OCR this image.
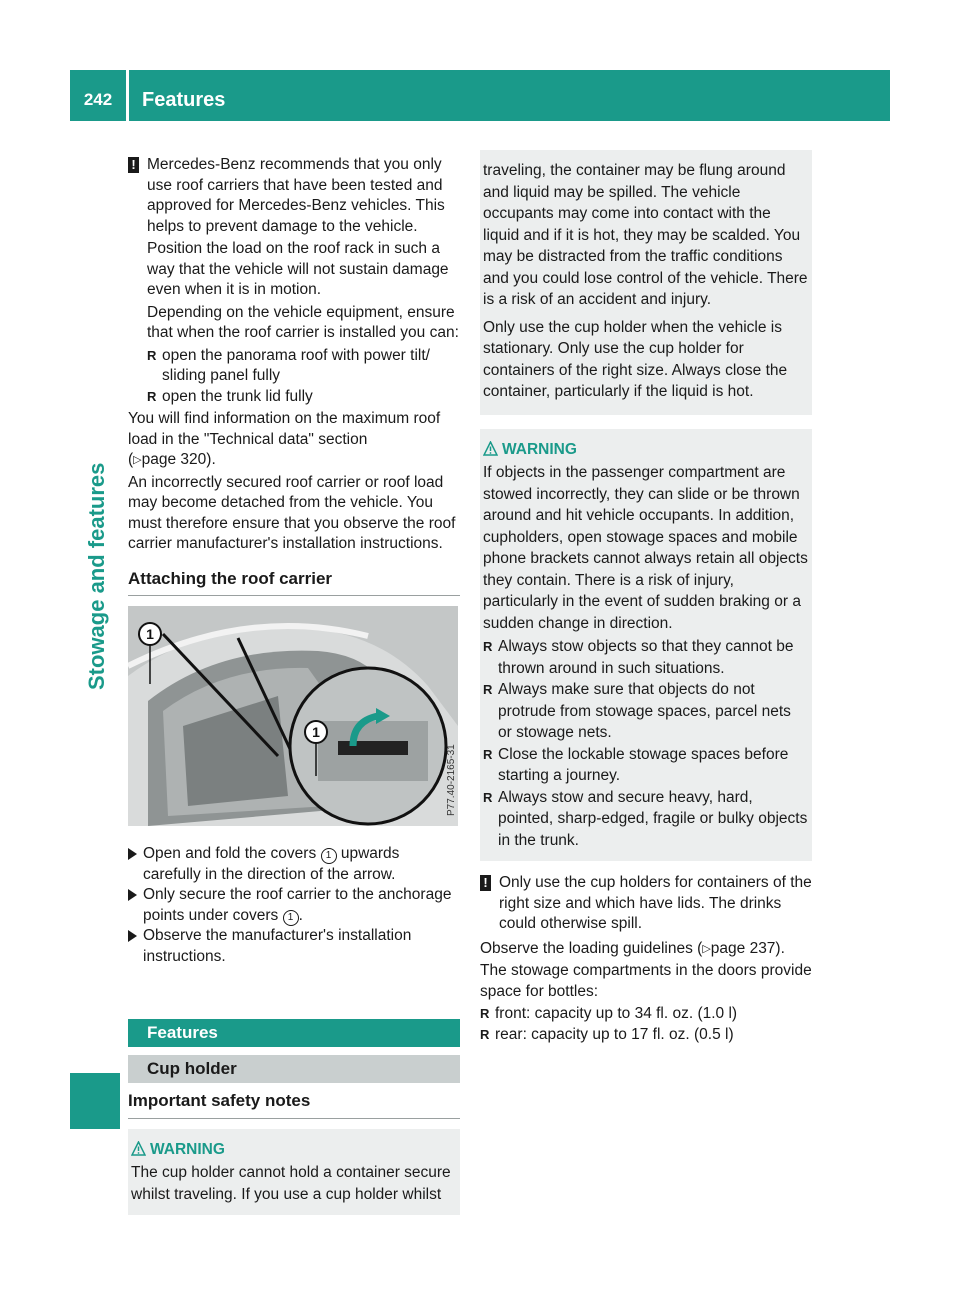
242	Features
Stowage and features
! Mercedes-Benz recommends that you only use roof carriers that have been tested and approved for Mercedes-Benz vehicles. This helps to prevent damage to the vehicle.

Position the load on the roof rack in such a way that the vehicle will not sustain damage even when it is in motion.

Depending on the vehicle equipment, ensure that when the roof carrier is installed you can:

R open the panorama roof with power tilt/ sliding panel fully
R open the trunk lid fully

You will find information on the maximum roof load in the "Technical data" section
(▷page 320).

An incorrectly secured roof carrier or roof load may become detached from the vehicle. You must therefore ensure that you observe the roof carrier manufacturer's installation instructions.

Attaching the roof carrier
1
1
P77.40-2165-31
Open and fold the covers 1 upwards carefully in the direction of the arrow.
Only secure the roof carrier to the anchorage points under covers 1 .
Observe the manufacturer's installation instructions.
Features
Cup holder
Important safety notes
WARNING
The cup holder cannot hold a container secure whilst traveling. If you use a cup holder whilst

traveling, the container may be flung around and liquid may be spilled. The vehicle occupants may come into contact with the liquid and if it is hot, they may be scalded. You may be distracted from the traffic conditions and you could lose control of the vehicle. There is a risk of an accident and injury.

Only use the cup holder when the vehicle is stationary. Only use the cup holder for containers of the right size. Always close the container, particularly if the liquid is hot.

WARNING

If objects in the passenger compartment are stowed incorrectly, they can slide or be thrown around and hit vehicle occupants. In addition, cupholders, open stowage spaces and mobile phone brackets cannot always retain all objects they contain. There is a risk of injury, particularly in the event of sudden braking or a sudden change in direction.

R Always stow objects so that they cannot be thrown around in such situations.
R Always make sure that objects do not protrude from stowage spaces, parcel nets or stowage nets.
R Close the lockable stowage spaces before starting a journey.
R Always stow and secure heavy, hard, pointed, sharp-edged, fragile or bulky objects in the trunk.
! Only use the cup holders for containers of the right size and which have lids. The drinks could otherwise spill.

Observe the loading guidelines (▷page 237).

The stowage compartments in the doors provide space for bottles:

R front: capacity up to 34 fl. oz. (1.0 l)
R rear: capacity up to 17 fl. oz. (0.5 l)
